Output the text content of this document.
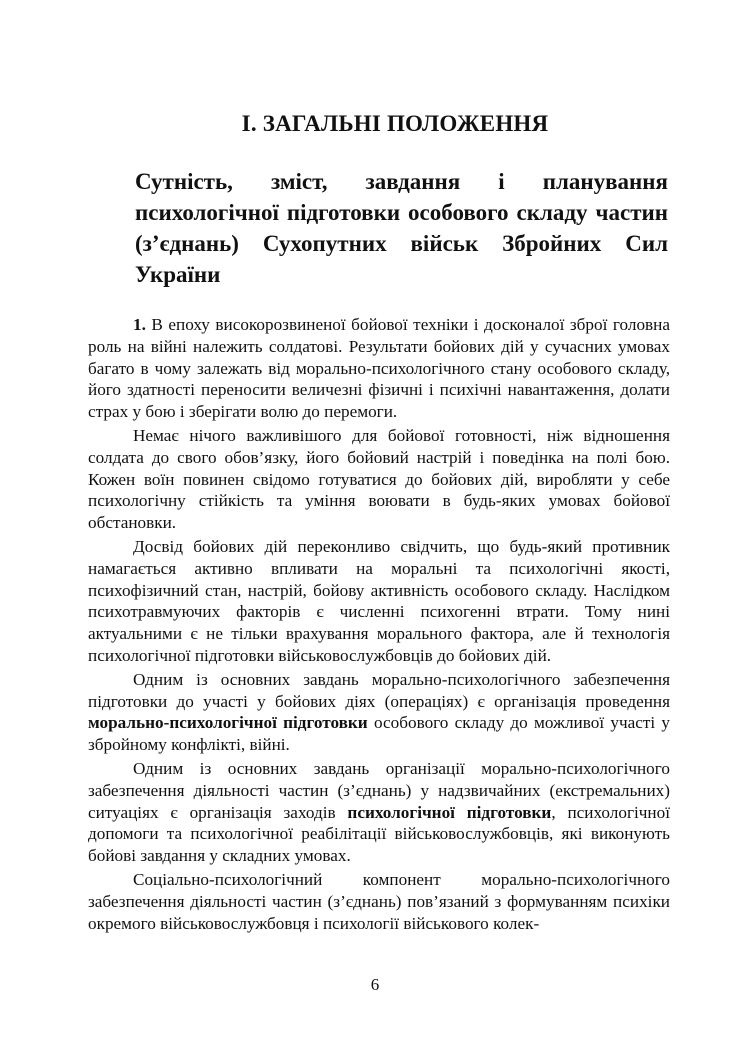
І. ЗАГАЛЬНІ ПОЛОЖЕННЯ
Сутність, зміст, завдання і планування психологічної підготовки особового складу частин (з’єднань) Сухопутних військ Збройних Сил України

1. В епоху високорозвиненої бойової техніки і досконалої зброї головна роль на війні належить солдатові. Результати бойових дій у сучасних умовах багато в чому залежать від морально-психологічного стану особового складу, його здатності переносити величезні фізичні і психічні навантаження, долати страх у бою і зберігати волю до перемоги.

Немає нічого важливішого для бойової готовності, ніж відношення солдата до свого обов’язку, його бойовий настрій і поведінка на полі бою. Кожен воїн повинен свідомо готуватися до бойових дій, виробляти у себе психологічну стійкість та уміння воювати в будь-яких умовах бойової обстановки.

Досвід бойових дій переконливо свідчить, що будь-який противник намагається активно впливати на моральні та психологічні якості, психофізичний стан, настрій, бойову активність особового складу. Наслідком психотравмуючих факторів є численні психогенні втрати. Тому нині актуальними є не тільки врахування морального фактора, але й технологія психологічної підготовки військовослужбовців до бойових дій.

Одним із основних завдань морально-психологічного забезпечення підготовки до участі у бойових діях (операціях) є організація проведення морально-психологічної підготовки особового складу до можливої участі у збройному конфлікті, війні.

Одним із основних завдань організації морально-психологічного забезпечення діяльності частин (з’єднань) у надзвичайних (екстремальних) ситуаціях є організація заходів психологічної підготовки, психологічної допомоги та психологічної реабілітації військовослужбовців, які виконують бойові завдання у складних умовах.

Соціально-психологічний компонент морально-психологічного забезпечення діяльності частин (з’єднань) пов’язаний з формуванням психіки окремого військовослужбовця і психології військового колек-

6
